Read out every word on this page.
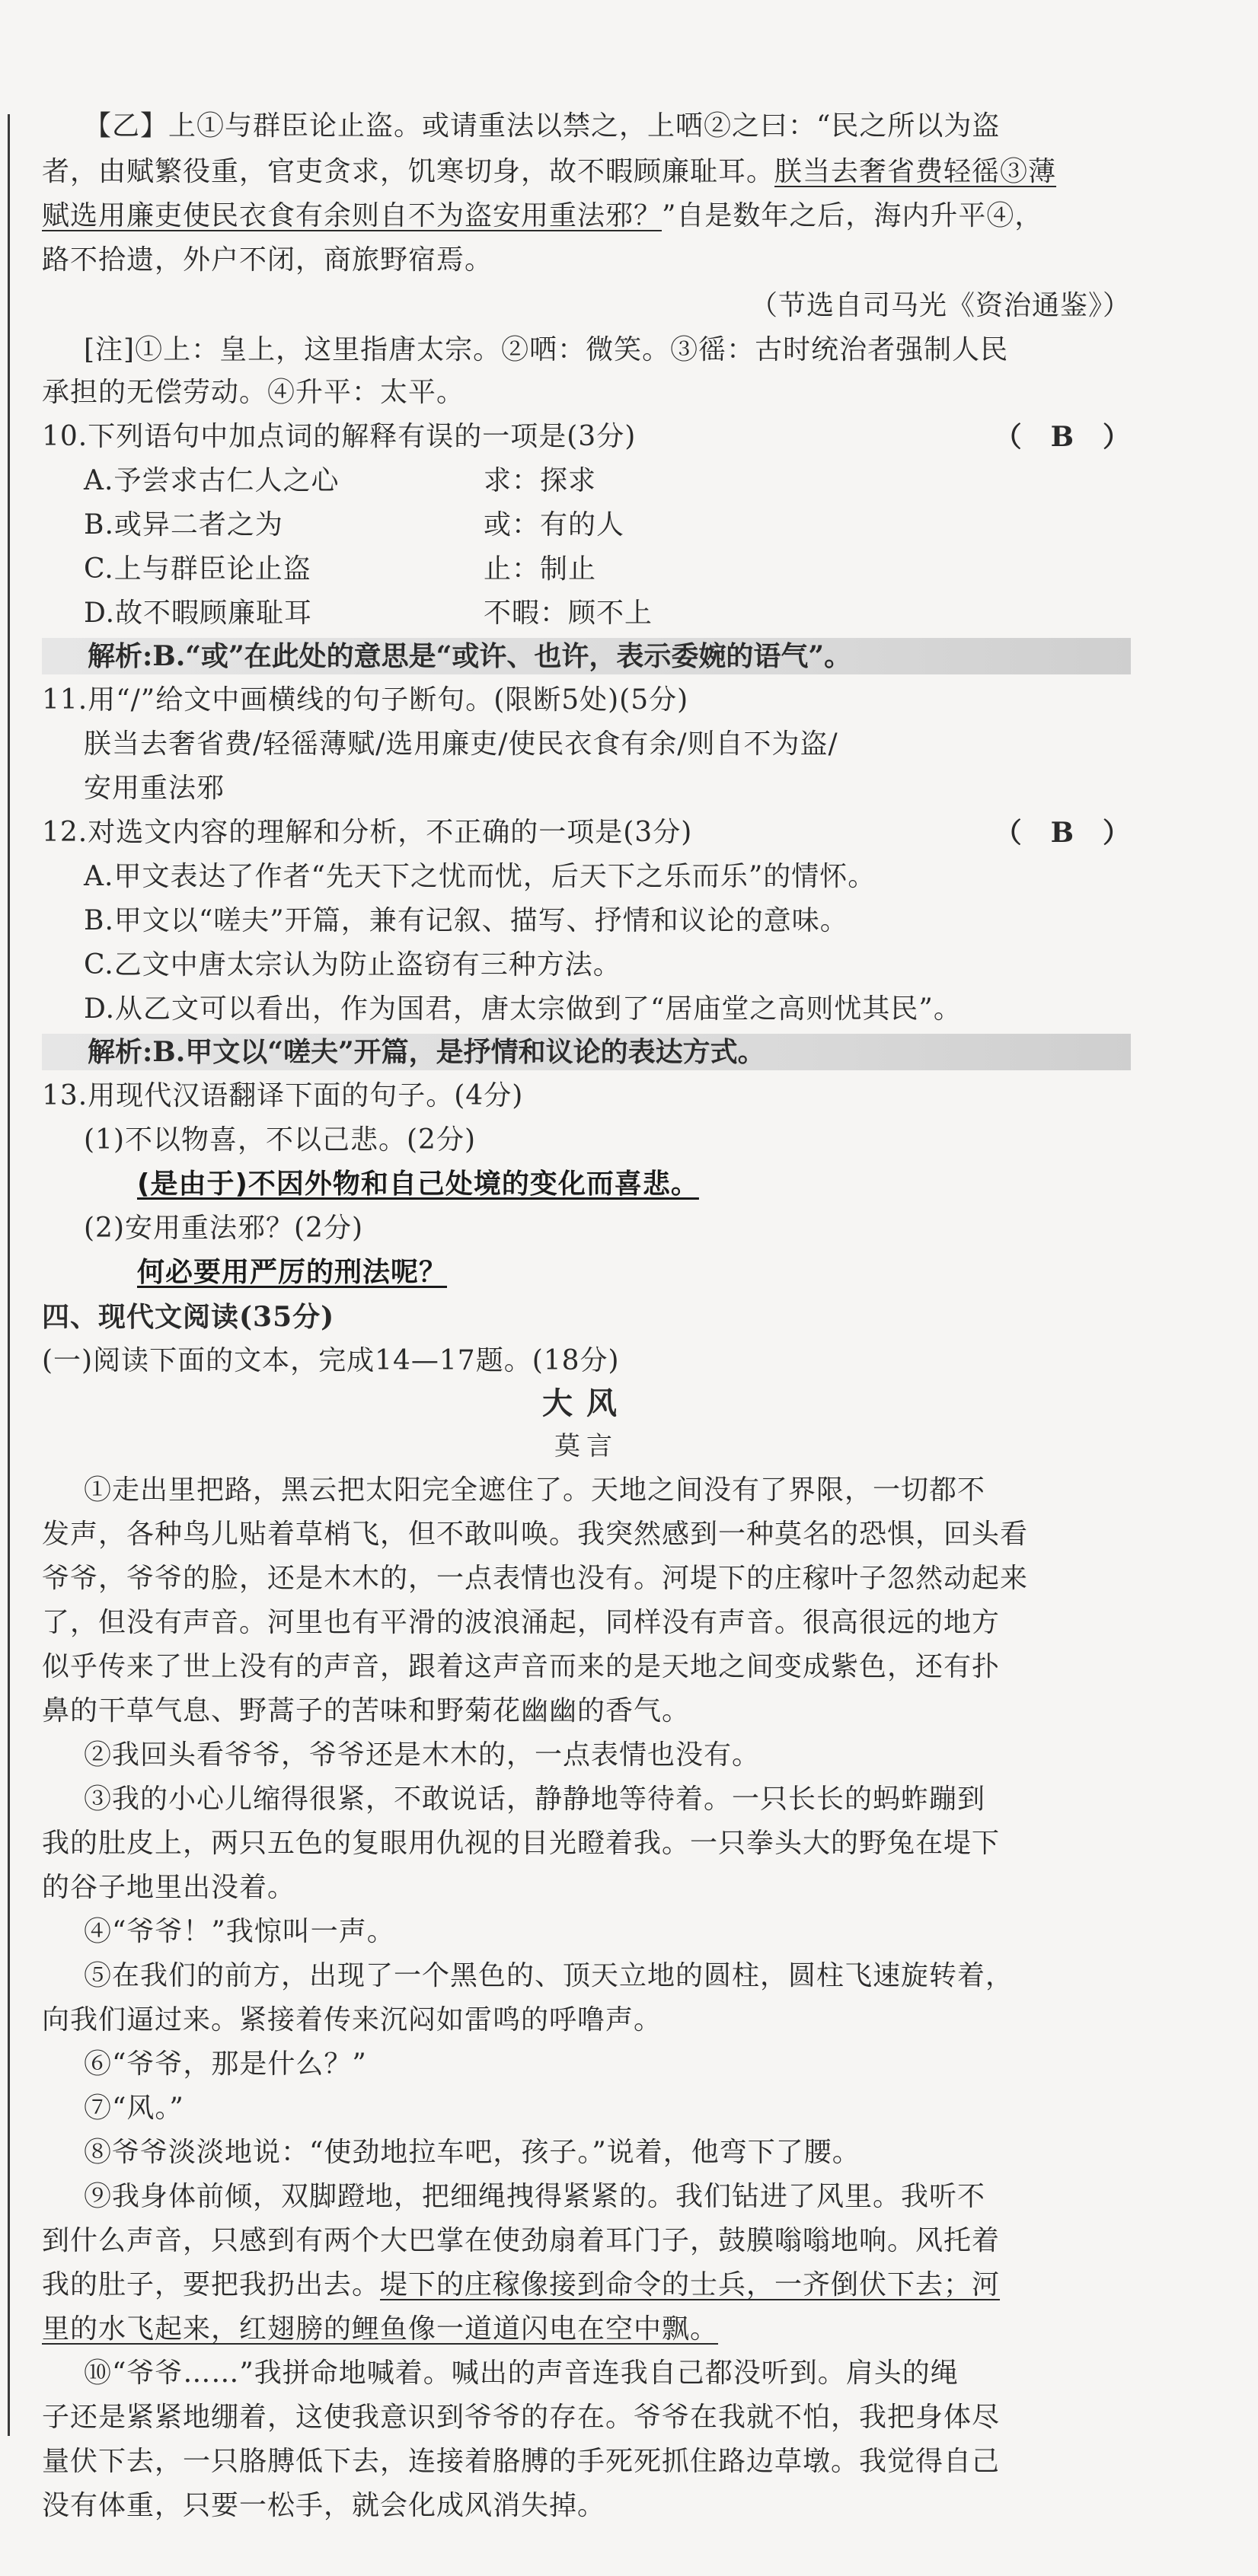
【乙】上①与群臣论止盗。或请重法以禁之，上哂②之曰：“民之所以为盗
者，由赋繁役重，官吏贪求，饥寒切身，故不暇顾廉耻耳。朕当去奢省费轻徭③薄
赋选用廉吏使民衣食有余则自不为盗安用重法邪？”自是数年之后，海内升平④，
路不拾遗，外户不闭，商旅野宿焉。
（节选自司马光《资治通鉴》）
[注]①上：皇上，这里指唐太宗。②哂：微笑。③徭：古时统治者强制人民
承担的无偿劳动。④升平：太平。
10.下列语句中加点词的解释有误的一项是(3分)	（　B　）
A.予尝求古仁人之心	求：探求
B.或异二者之为	或：有的人
C.上与群臣论止盗	止：制止
D.故不暇顾廉耻耳	不暇：顾不上
解析:B.“或”在此处的意思是“或许、也许，表示委婉的语气”。
11.用“/”给文中画横线的句子断句。(限断5处)(5分)
朕当去奢省费/轻徭薄赋/选用廉吏/使民衣食有余/则自不为盗/
安用重法邪
12.对选文内容的理解和分析，不正确的一项是(3分)	（　B　）
A.甲文表达了作者“先天下之忧而忧，后天下之乐而乐”的情怀。
B.甲文以“嗟夫”开篇，兼有记叙、描写、抒情和议论的意味。
C.乙文中唐太宗认为防止盗窃有三种方法。
D.从乙文可以看出，作为国君，唐太宗做到了“居庙堂之高则忧其民”。
解析:B.甲文以“嗟夫”开篇，是抒情和议论的表达方式。
13.用现代汉语翻译下面的句子。(4分)
(1)不以物喜，不以己悲。(2分)
(是由于)不因外物和自己处境的变化而喜悲。
(2)安用重法邪？(2分)
何必要用严厉的刑法呢？
四、现代文阅读(35分)
(一)阅读下面的文本，完成14—17题。(18分)
大风
莫言
①走出里把路，黑云把太阳完全遮住了。天地之间没有了界限，一切都不
发声，各种鸟儿贴着草梢飞，但不敢叫唤。我突然感到一种莫名的恐惧，回头看
爷爷，爷爷的脸，还是木木的，一点表情也没有。河堤下的庄稼叶子忽然动起来
了，但没有声音。河里也有平滑的波浪涌起，同样没有声音。很高很远的地方
似乎传来了世上没有的声音，跟着这声音而来的是天地之间变成紫色，还有扑
鼻的干草气息、野蒿子的苦味和野菊花幽幽的香气。
②我回头看爷爷，爷爷还是木木的，一点表情也没有。
③我的小心儿缩得很紧，不敢说话，静静地等待着。一只长长的蚂蚱蹦到
我的肚皮上，两只五色的复眼用仇视的目光瞪着我。一只拳头大的野兔在堤下
的谷子地里出没着。
④“爷爷！”我惊叫一声。
⑤在我们的前方，出现了一个黑色的、顶天立地的圆柱，圆柱飞速旋转着，
向我们逼过来。紧接着传来沉闷如雷鸣的呼噜声。
⑥“爷爷，那是什么？”
⑦“风。”
⑧爷爷淡淡地说：“使劲地拉车吧，孩子。”说着，他弯下了腰。
⑨我身体前倾，双脚蹬地，把细绳拽得紧紧的。我们钻进了风里。我听不
到什么声音，只感到有两个大巴掌在使劲扇着耳门子，鼓膜嗡嗡地响。风托着
我的肚子，要把我扔出去。堤下的庄稼像接到命令的士兵，一齐倒伏下去；河
里的水飞起来，红翅膀的鲤鱼像一道道闪电在空中飘。
⑩“爷爷……”我拼命地喊着。喊出的声音连我自己都没听到。肩头的绳
子还是紧紧地绷着，这使我意识到爷爷的存在。爷爷在我就不怕，我把身体尽
量伏下去，一只胳膊低下去，连接着胳膊的手死死抓住路边草墩。我觉得自己
没有体重，只要一松手，就会化成风消失掉。
